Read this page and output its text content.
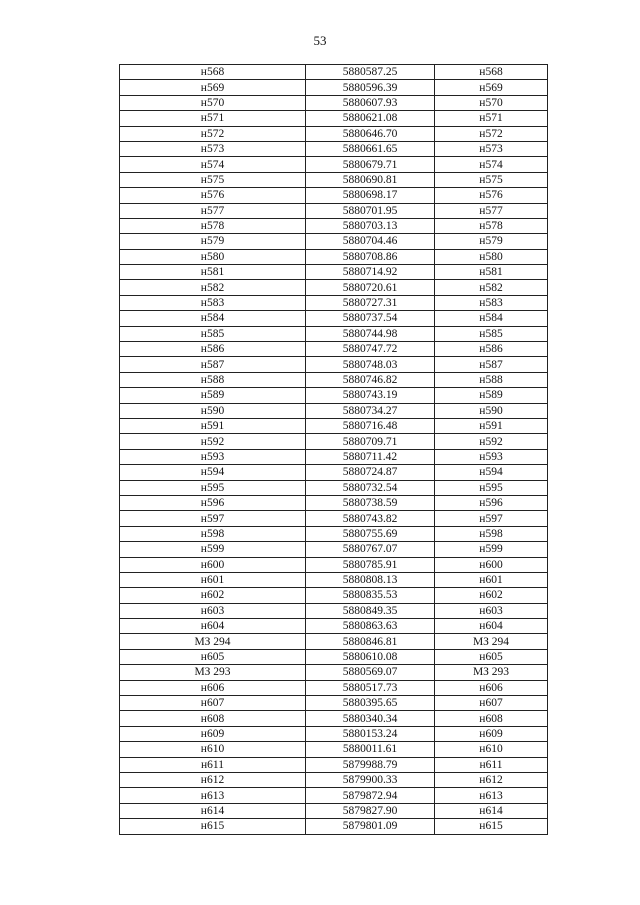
53
н568	5880587.25	н568
н569	5880596.39	н569
н570	5880607.93	н570
н571	5880621.08	н571
н572	5880646.70	н572
н573	5880661.65	н573
н574	5880679.71	н574
н575	5880690.81	н575
н576	5880698.17	н576
н577	5880701.95	н577
н578	5880703.13	н578
н579	5880704.46	н579
н580	5880708.86	н580
н581	5880714.92	н581
н582	5880720.61	н582
н583	5880727.31	н583
н584	5880737.54	н584
н585	5880744.98	н585
н586	5880747.72	н586
н587	5880748.03	н587
н588	5880746.82	н588
н589	5880743.19	н589
н590	5880734.27	н590
н591	5880716.48	н591
н592	5880709.71	н592
н593	5880711.42	н593
н594	5880724.87	н594
н595	5880732.54	н595
н596	5880738.59	н596
н597	5880743.82	н597
н598	5880755.69	н598
н599	5880767.07	н599
н600	5880785.91	н600
н601	5880808.13	н601
н602	5880835.53	н602
н603	5880849.35	н603
н604	5880863.63	н604
МЗ 294	5880846.81	МЗ 294
н605	5880610.08	н605
МЗ 293	5880569.07	МЗ 293
н606	5880517.73	н606
н607	5880395.65	н607
н608	5880340.34	н608
н609	5880153.24	н609
н610	5880011.61	н610
н611	5879988.79	н611
н612	5879900.33	н612
н613	5879872.94	н613
н614	5879827.90	н614
н615	5879801.09	н615
